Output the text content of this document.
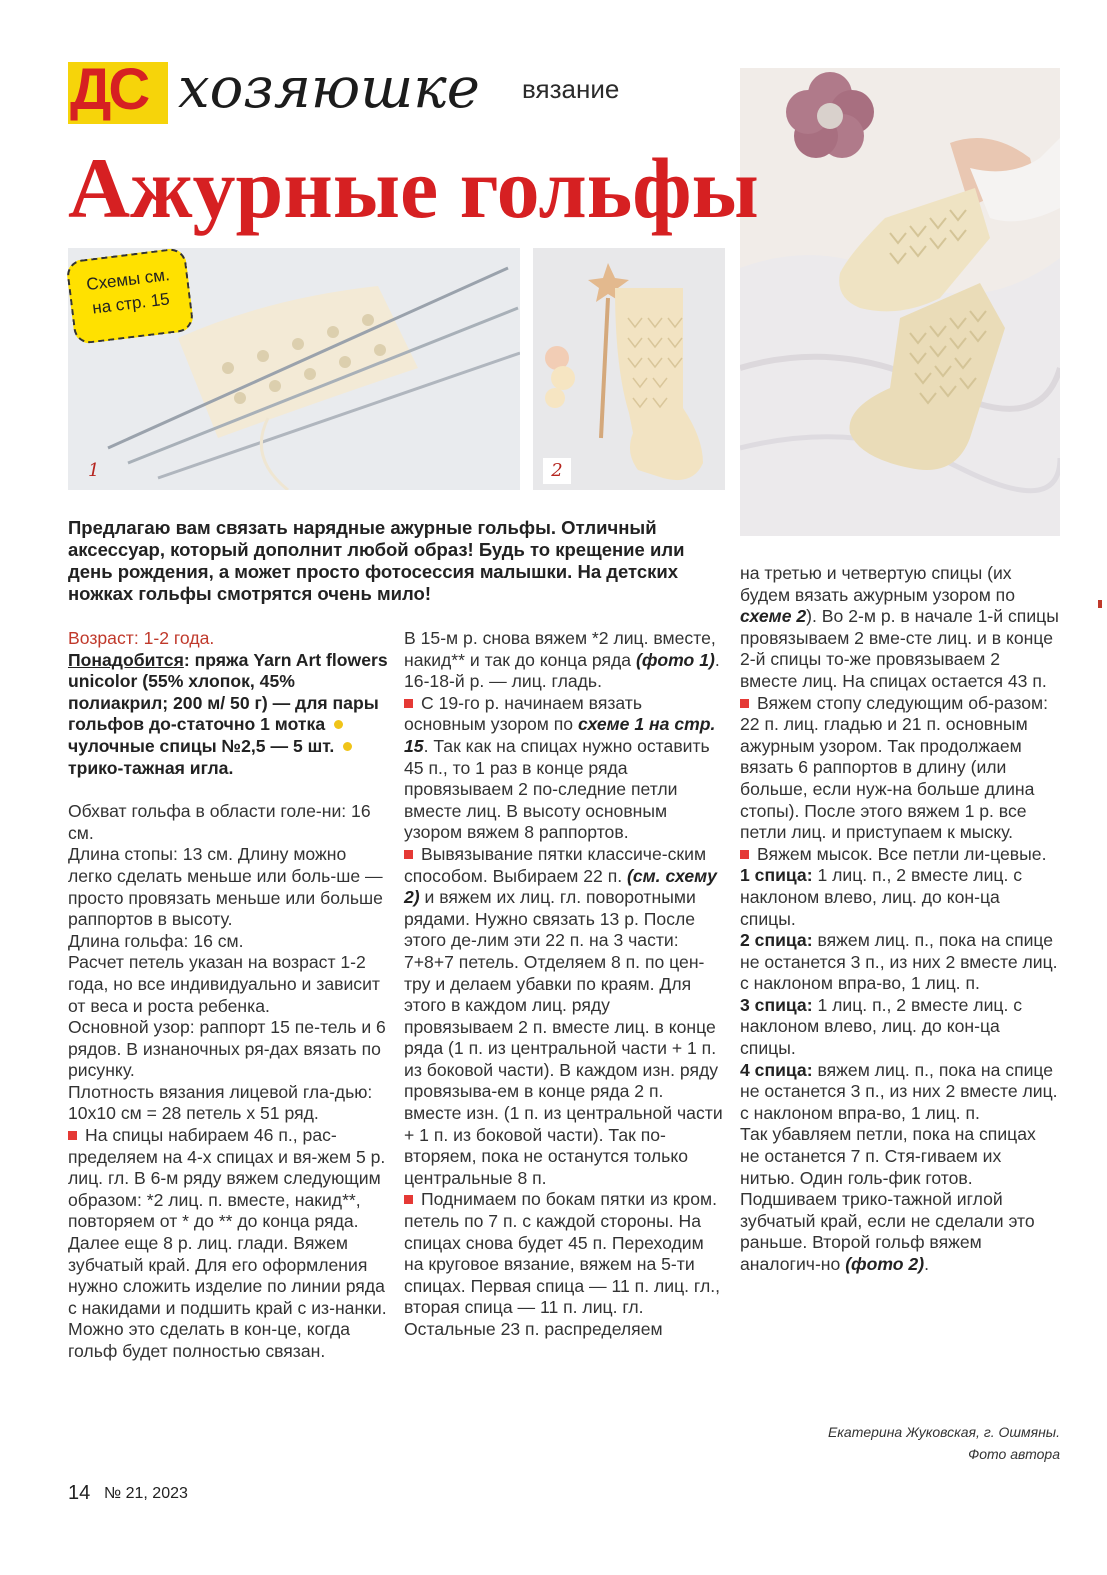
ДС хозяюшке вязание
Ажурные гольфы
1
Схемы см.
на стр. 15
2
Предлагаю вам связать нарядные ажурные гольфы. Отличный аксессуар, который дополнит любой образ! Будь то крещение или день рождения, а может просто фотосессия малышки. На детских ножках гольфы смотрятся очень мило!

Возраст: 1-2 года.

Понадобится: пряжа Yarn Art flowers unicolor (55% хлопок, 45% полиакрил; 200 м/ 50 г) — для пары гольфов до-статочно 1 мотка  чулочные спицы №2,5 — 5 шт.  трико-тажная игла.

Обхват гольфа в области голе-ни: 16 см.

Длина стопы: 13 см. Длину можно легко сделать меньше или боль-ше — просто провязать меньше или больше раппортов в высоту.

Длина гольфа: 16 см.

Расчет петель указан на возраст 1-2 года, но все индивидуально и зависит от веса и роста ребенка.

Основной узор: раппорт 15 пе-тель и 6 рядов. В изнаночных ря-дах вязать по рисунку.

Плотность вязания лицевой гла-дью: 10х10 см = 28 петель х 51 ряд.

На спицы набираем 46 п., рас-пределяем на 4-х спицах и вя-жем 5 р. лиц. гл. В 6-м ряду вяжем следующим образом: *2 лиц. п. вместе, накид**, повторяем от * до ** до конца ряда. Далее еще 8 р. лиц. глади. Вяжем зубчатый край. Для его оформления нужно сложить изделие по линии ряда с накидами и подшить край с из-нанки. Можно это сделать в кон-це, когда гольф будет полностью связан.

В 15-м р. снова вяжем *2 лиц. вместе, накид** и так до конца ряда (фото 1).

16-18-й р. — лиц. гладь.

С 19-го р. начинаем вязать основным узором по схеме 1 на стр. 15. Так как на спицах нужно оставить 45 п., то 1 раз в конце ряда провязываем 2 по-следние петли вместе лиц. В высоту основным узором вяжем 8 раппортов.

Вывязывание пятки классиче-ским способом. Выбираем 22 п. (см. схему 2) и вяжем их лиц. гл. поворотными рядами. Нужно связать 13 р. После этого де-лим эти 22 п. на 3 части: 7+8+7 петель. Отделяем 8 п. по цен-тру и делаем убавки по краям. Для этого в каждом лиц. ряду провязываем 2 п. вместе лиц. в конце ряда (1 п. из центральной части + 1 п. из боковой части). В каждом изн. ряду провязыва-ем в конце ряда 2 п. вместе изн. (1 п. из центральной части + 1 п. из боковой части). Так по-вторяем, пока не останутся только центральные 8 п.

Поднимаем по бокам пятки из кром. петель по 7 п. с каждой стороны. На спицах снова будет 45 п. Переходим на круговое вязание, вяжем на 5-ти спицах. Первая спица — 11 п. лиц. гл., вторая спица — 11 п. лиц. гл. Остальные 23 п. распределяем

на третью и четвертую спицы (их будем вязать ажурным узором по схеме 2). Во 2-м р. в начале 1-й спицы провязываем 2 вме-сте лиц. и в конце 2-й спицы то-же провязываем 2 вместе лиц. На спицах остается 43 п.

Вяжем стопу следующим об-разом: 22 п. лиц. гладью и 21 п. основным ажурным узором. Так продолжаем вязать 6 раппортов в длину (или больше, если нуж-на больше длина стопы). После этого вяжем 1 р. все петли лиц. и приступаем к мыску.

Вяжем мысок. Все петли ли-цевые.

1 спица: 1 лиц. п., 2 вместе лиц. с наклоном влево, лиц. до кон-ца спицы.

2 спица: вяжем лиц. п., пока на спице не останется 3 п., из них 2 вместе лиц. с наклоном впра-во, 1 лиц. п.

3 спица: 1 лиц. п., 2 вместе лиц. с наклоном влево, лиц. до кон-ца спицы.

4 спица: вяжем лиц. п., пока на спице не останется 3 п., из них 2 вместе лиц. с наклоном впра-во, 1 лиц. п.

Так убавляем петли, пока на спицах не останется 7 п. Стя-гиваем их нитью. Один голь-фик готов. Подшиваем трико-тажной иглой зубчатый край, если не сделали это раньше. Второй гольф вяжем аналогич-но (фото 2).

Екатерина Жуковская, г. Ошмяны.
Фото автора
14 № 21, 2023
